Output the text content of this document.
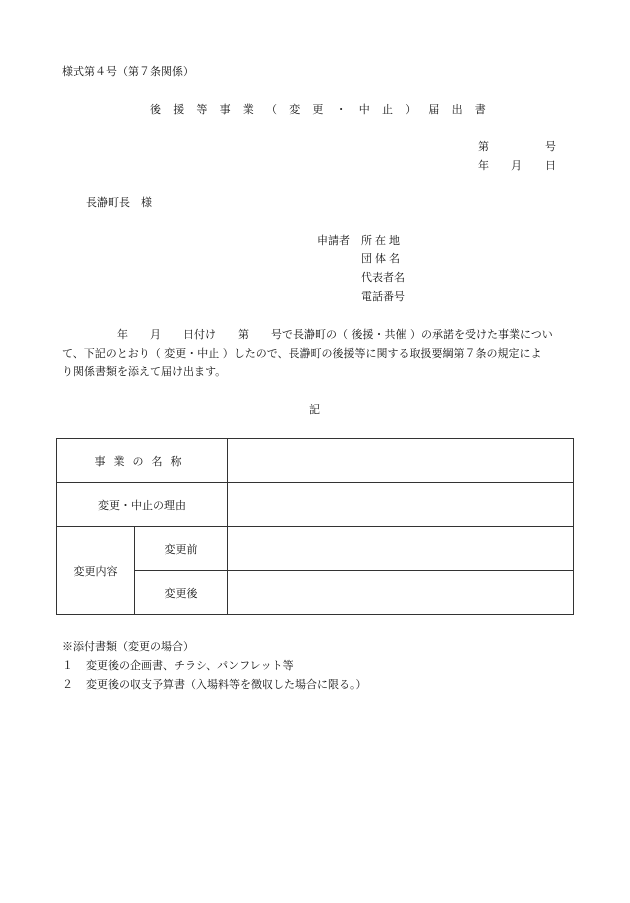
様式第４号（第７条関係）
後援等事業（変更・中止）届出書
第	号
年 月 日
長瀞町長　様
申請者 所在地
団体名
代表者名
電話番号
　　　　　年　　月　　日付け　　第　　号で長瀞町の（ 後援・共催 ）の承諾を受けた事業につい
て、下記のとおり（ 変更・中止 ）したので、長瀞町の後援等に関する取扱要綱第７条の規定によ
り関係書類を添えて届け出ます。
記
事業の名称		
変更・中止の理由		
変更内容	変更前	
	変更後	
※添付書類（変更の場合）
１ 変更後の企画書、チラシ、パンフレット等
２ 変更後の収支予算書（入場料等を徴収した場合に限る。）
